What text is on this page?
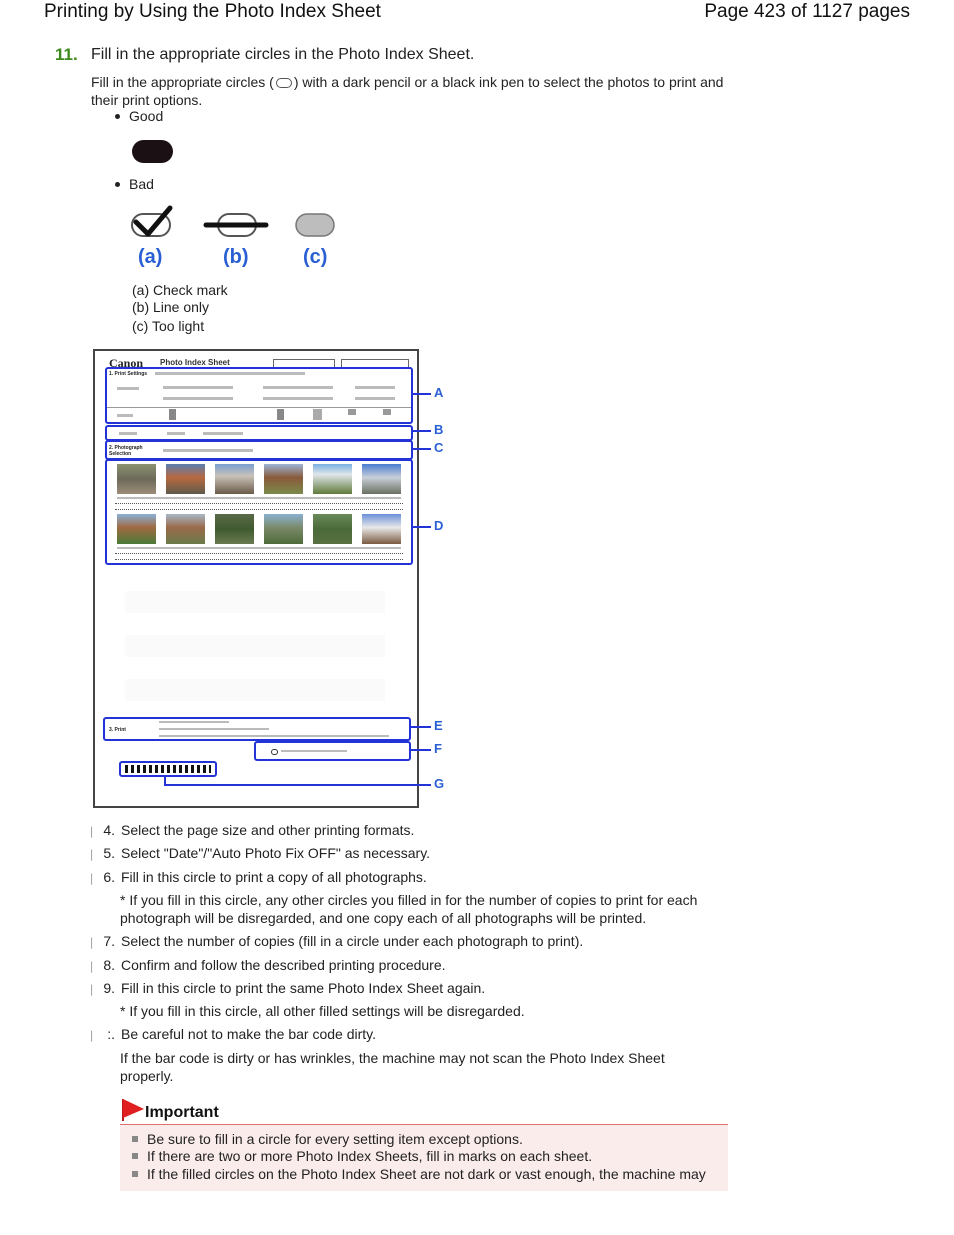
Printing by Using the Photo Index Sheet	Page 423 of 1127 pages
11. Fill in the appropriate circles in the Photo Index Sheet.
Fill in the appropriate circles ( ) with a dark pencil or a black ink pen to select the photos to print and their print options.
Good
Bad
(a)	(b)	(c)
(a) Check mark
(b) Line only
(c) Too light
Canon Photo Index Sheet
1. Print Settings
2. Photograph Selection
3. Print
A
B
C
D
E
F
G
❘ 4. Select the page size and other printing formats.
❘ 5. Select "Date"/"Auto Photo Fix OFF" as necessary.
❘ 6. Fill in this circle to print a copy of all photographs.
* If you fill in this circle, any other circles you filled in for the number of copies to print for each photograph will be disregarded, and one copy each of all photographs will be printed.
❘ 7. Select the number of copies (fill in a circle under each photograph to print).
❘ 8. Confirm and follow the described printing procedure.
❘ 9. Fill in this circle to print the same Photo Index Sheet again.
* If you fill in this circle, all other filled settings will be disregarded.
❘ :. Be careful not to make the bar code dirty.
If the bar code is dirty or has wrinkles, the machine may not scan the Photo Index Sheet properly.
Important
Be sure to fill in a circle for every setting item except options.
If there are two or more Photo Index Sheets, fill in marks on each sheet.
If the filled circles on the Photo Index Sheet are not dark or vast enough, the machine may
